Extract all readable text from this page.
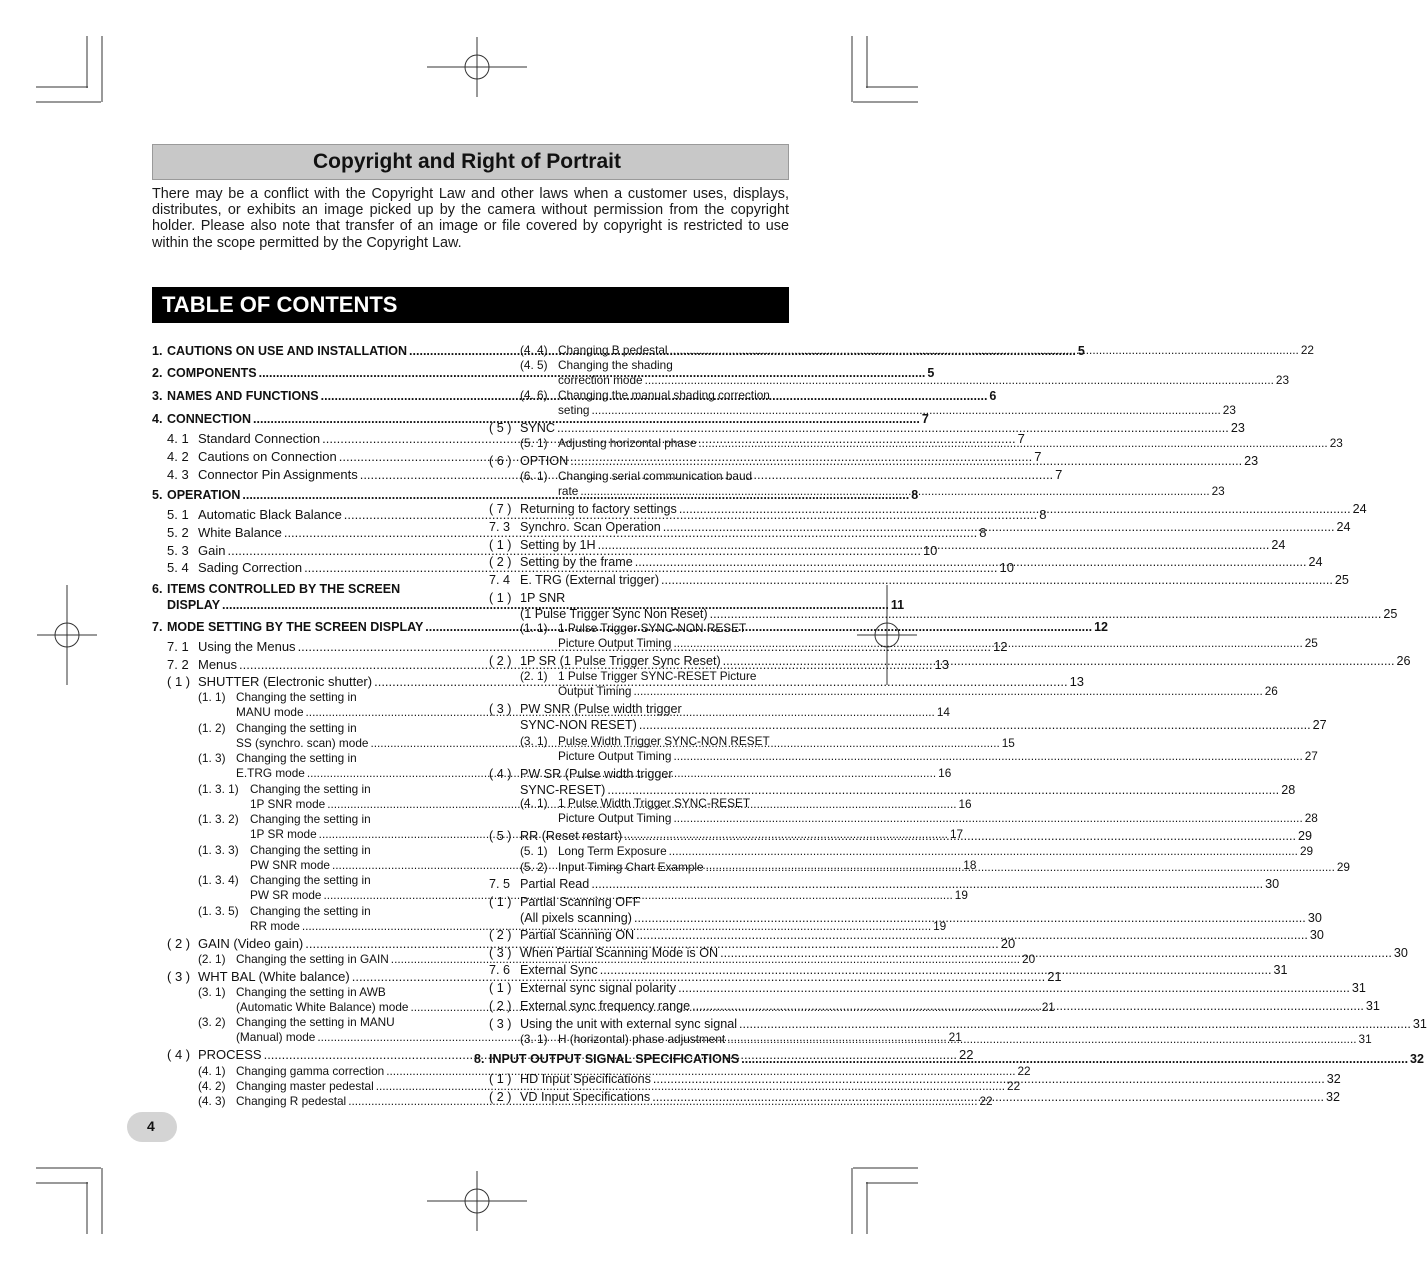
Copyright and Right of Portrait

There may be a conflict with the Copyright Law and other laws when a customer uses, displays, distributes, or exhibits an image picked up by the camera without permission from the copyright holder. Please also note that transfer of an image or file covered by copyright is restricted to use within the scope permitted by the Copyright Law.

TABLE OF CONTENTS
1. CAUTIONS ON USE AND INSTALLATION .....	5
2. COMPONENTS .....	5
3. NAMES AND FUNCTIONS .....	6
4. CONNECTION .....	7
4. 1 Standard Connection .....	7
4. 2 Cautions on Connection .....	7
4. 3 Connector Pin Assignments .....	7
5. OPERATION .....	8
5. 1 Automatic Black Balance .....	8
5. 2 White Balance .....	8
5. 3 Gain .....	10
5. 4 Sading Correction .....	10
6. ITEMS CONTROLLED BY THE SCREEN
DISPLAY .....	11
7. MODE SETTING BY THE SCREEN DISPLAY .....	12
7. 1 Using the Menus .....	12
7. 2 Menus .....	13
( 1 ) SHUTTER (Electronic shutter) .....	13
(1. 1) Changing the setting in
MANU mode .....	14
(1. 2) Changing the setting in
SS (synchro. scan) mode .....	15
(1. 3) Changing the setting in
E.TRG mode .....	16
(1. 3. 1) Changing the setting in
1P SNR mode .....	16
(1. 3. 2) Changing the setting in
1P SR mode .....	17
(1. 3. 3) Changing the setting in
PW SNR mode .....	18
(1. 3. 4) Changing the setting in
PW SR mode .....	19
(1. 3. 5) Changing the setting in
RR mode .....	19
( 2 ) GAIN (Video gain) .....	20
(2. 1) Changing the setting in GAIN .....	20
( 3 ) WHT BAL (White balance) .....	21
(3. 1) Changing the setting in AWB
(Automatic White Balance) mode .....	21
(3. 2) Changing the setting in MANU
(Manual) mode .....	21
( 4 ) PROCESS .....	22
(4. 1) Changing gamma correction .....	22
(4. 2) Changing master pedestal .....	22
(4. 3) Changing R pedestal .....	22
(4. 4) Changing B pedestal .....	22
(4. 5) Changing the shading
correction mode .....	23
(4. 6) Changing the manual shading correction
seting .....	23
( 5 ) SYNC .....	23
(5. 1) Adjusting horizontal phase .....	23
( 6 ) OPTION .....	23
(6. 1) Changing serial communication baud
rate .....	23
( 7 ) Returning to factory settings .....	24
7. 3 Synchro. Scan Operation .....	24
( 1 ) Setting by 1H .....	24
( 2 ) Setting by the frame .....	24
7. 4 E. TRG (External trigger) .....	25
( 1 ) 1P SNR
(1 Pulse Trigger Sync Non Reset) .....	25
(1. 1) 1 Pulse Trigger SYNC-NON RESET
Picture Output Timing .....	25
( 2 ) 1P SR (1 Pulse Trigger Sync Reset) .....	26
(2. 1) 1 Pulse Trigger SYNC-RESET Picture
Output Timing .....	26
( 3 ) PW SNR (Pulse width trigger
SYNC-NON RESET) .....	27
(3. 1) Pulse Width Trigger SYNC-NON RESET
Picture Output Timing .....	27
( 4 ) PW SR (Pulse width trigger
SYNC-RESET) .....	28
(4. 1) 1 Pulse Width Trigger SYNC-RESET
Picture Output Timing .....	28
( 5 ) RR (Reset restart) .....	29
(5. 1) Long Term Exposure .....	29
(5. 2) Input Timing Chart Example .....	29
7. 5 Partial Read .....	30
( 1 ) Partial Scanning OFF
(All pixels scanning) .....	30
( 2 ) Partial Scanning ON .....	30
( 3 ) When Partial Scanning Mode is ON .....	30
7. 6 External Sync .....	31
( 1 ) External sync signal polarity .....	31
( 2 ) External sync frequency range .....	31
( 3 ) Using the unit with external sync signal .....	31
(3. 1) H (horizontal) phase adjustment .....	31
8. INPUT OUTPUT SIGNAL SPECIFICATIONS .....	32
( 1 ) HD Input Specifications .....	32
( 2 ) VD Input Specifications .....	32
4
